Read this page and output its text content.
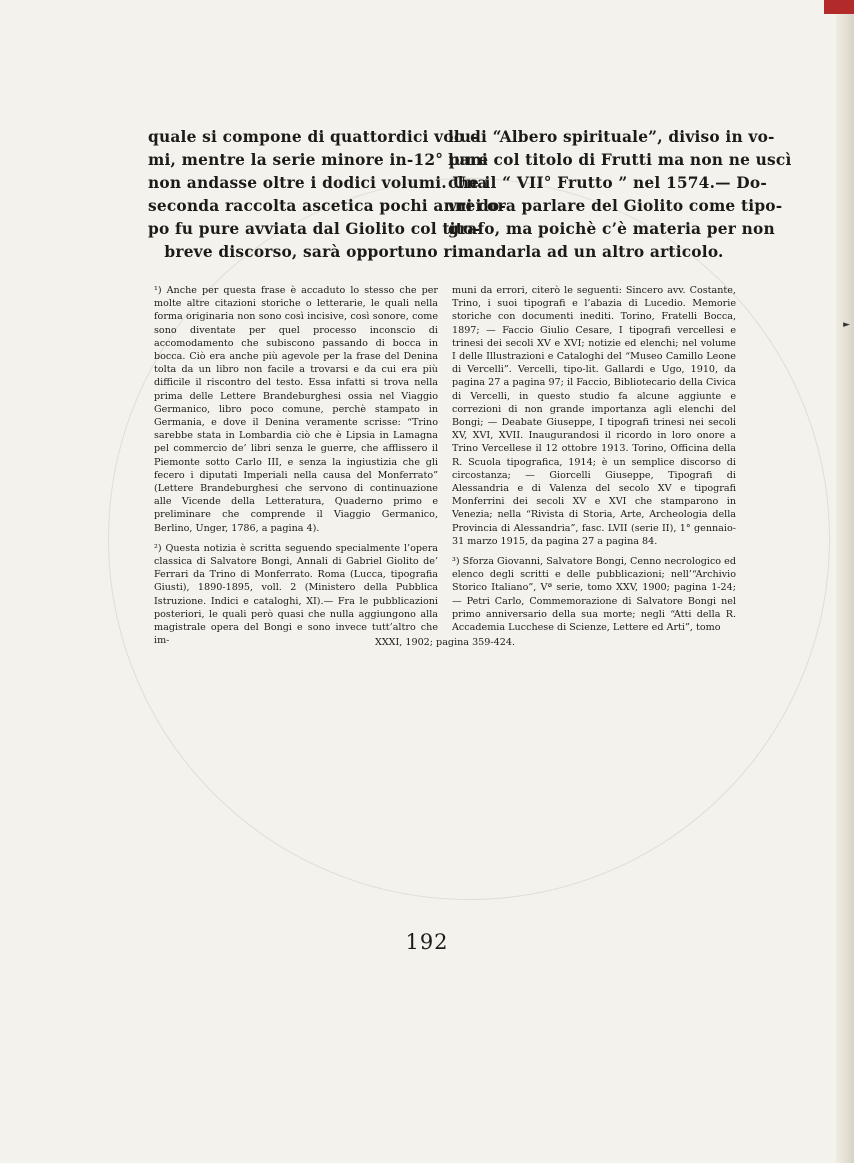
►
quale si compone di quattordici volu-
lo di “Albero spirituale”, diviso in vo-
mi, mentre la serie minore in-12° pare
lumi col titolo di Frutti ma non ne uscì
non andasse oltre i dodici volumi. Una
che il “ VII° Frutto ” nel 1574.— Do-
seconda raccolta ascetica pochi anni do-
vrei ora parlare del Giolito come tipo-
po fu pure avviata dal Giolito col tito-
grafo, ma poichè c’è materia per non
breve discorso, sarà opportuno rimandarla ad un altro articolo.

¹) Anche per questa frase è accaduto lo stesso che per molte altre citazioni storiche o letterarie, le quali nella forma originaria non sono così incisive, così sonore, come sono diventate per quel processo inconscio di accomodamento che subiscono passando di bocca in bocca. Ciò era anche più agevole per la frase del Denina tolta da un libro non facile a trovarsi e da cui era più difficile il riscontro del testo. Essa infatti si trova nella prima delle Lettere Brandeburghesi ossia nel Viaggio Germanico, libro poco comune, perchè stampato in Germania, e dove il Denina veramente scrisse: “Trino sarebbe stata in Lombardia ciò che è Lipsia in Lamagna pel commercio de’ libri senza le guerre, che afflissero il Piemonte sotto Carlo III, e senza la ingiustizia che gli fecero i diputati Imperiali nella causa del Monferrato” (Lettere Brandeburghesi che servono di continuazione alle Vicende della Letteratura, Quaderno primo e preliminare che comprende il Viaggio Germanico, Berlino, Unger, 1786, a pagina 4).

²) Questa notizia è scritta seguendo specialmente l’opera classica di Salvatore Bongi, Annali di Gabriel Giolito de’ Ferrari da Trino di Monferrato. Roma (Lucca, tipografia Giusti), 1890-1895, voll. 2 (Ministero della Pubblica Istruzione. Indici e cataloghi, XI).— Fra le pubblicazioni posteriori, le quali però quasi che nulla aggiungono alla magistrale opera del Bongi e sono invece tutt’altro che im-

muni da errori, citerò le seguenti: Sincero avv. Costante, Trino, i suoi tipografi e l’abazia di Lucedio. Memorie storiche con documenti inediti. Torino, Fratelli Bocca, 1897; — Faccio Giulio Cesare, I tipografi vercellesi e trinesi dei secoli XV e XVI; notizie ed elenchi; nel volume I delle Illustrazioni e Cataloghi del “Museo Camillo Leone di Vercelli”. Vercelli, tipo-lit. Gallardi e Ugo, 1910, da pagina 27 a pagina 97; il Faccio, Bibliotecario della Civica di Vercelli, in questo studio fa alcune aggiunte e correzioni di non grande importanza agli elenchi del Bongi; — Deabate Giuseppe, I tipografi trinesi nei secoli XV, XVI, XVII. Inaugurandosi il ricordo in loro onore a Trino Vercellese il 12 ottobre 1913. Torino, Officina della R. Scuola tipografica, 1914; è un semplice discorso di circostanza; — Giorcelli Giuseppe, Tipografi di Alessandria e di Valenza del secolo XV e tipografi Monferrini dei secoli XV e XVI che stamparono in Venezia; nella “Rivista di Storia, Arte, Archeologia della Provincia di Alessandria”, fasc. LVII (serie II), 1° gennaio-31 marzo 1915, da pagina 27 a pagina 84.

³) Sforza Giovanni, Salvatore Bongi, Cenno necrologico ed elenco degli scritti e delle pubblicazioni; nell’“Archivio Storico Italiano”, Vª serie, tomo XXV, 1900; pagina 1-24; — Petri Carlo, Commemorazione di Salvatore Bongi nel primo anniversario della sua morte; negli “Atti della R. Accademia Lucchese di Scienze, Lettere ed Arti”, tomo

XXXI, 1902; pagina 359-424.
192
